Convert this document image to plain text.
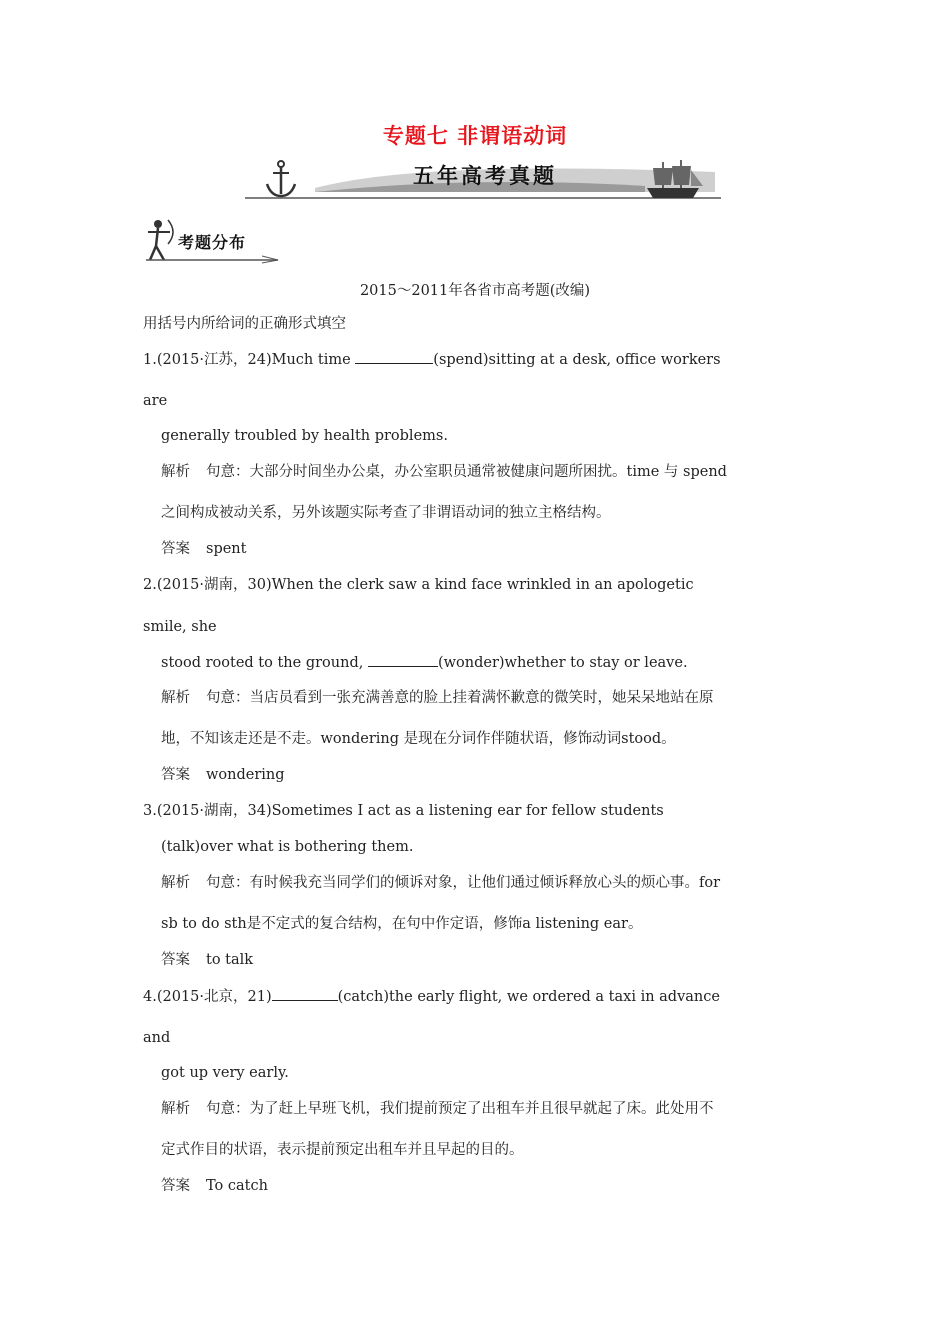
专题七 非谓语动词
五年高考真题
考题分布
2015～2011年各省市高考题(改编)
用括号内所给词的正确形式填空
1.(2015·江苏，24)Much time	(spend)sitting at a desk, office workers
are
generally troubled by health problems.
解析 句意：大部分时间坐办公桌，办公室职员通常被健康问题所困扰。time 与 spend
之间构成被动关系，另外该题实际考查了非谓语动词的独立主格结构。
答案 spent
2.(2015·湖南，30)When the clerk saw a kind face wrinkled in an apologetic
smile, she
stood rooted to the ground,	(wonder)whether to stay or leave.
解析 句意：当店员看到一张充满善意的脸上挂着满怀歉意的微笑时，她呆呆地站在原
地，不知该走还是不走。wondering 是现在分词作伴随状语，修饰动词stood。
答案 wondering
3.(2015·湖南，34)Sometimes I act as a listening ear for fellow students
(talk)over what is bothering them.
解析 句意：有时候我充当同学们的倾诉对象，让他们通过倾诉释放心头的烦心事。for
sb to do sth是不定式的复合结构，在句中作定语，修饰a listening ear。
答案 to talk
4.(2015·北京，21)	(catch)the early flight, we ordered a taxi in advance
and
got up very early.
解析 句意：为了赶上早班飞机，我们提前预定了出租车并且很早就起了床。此处用不
定式作目的状语，表示提前预定出租车并且早起的目的。
答案 To catch
